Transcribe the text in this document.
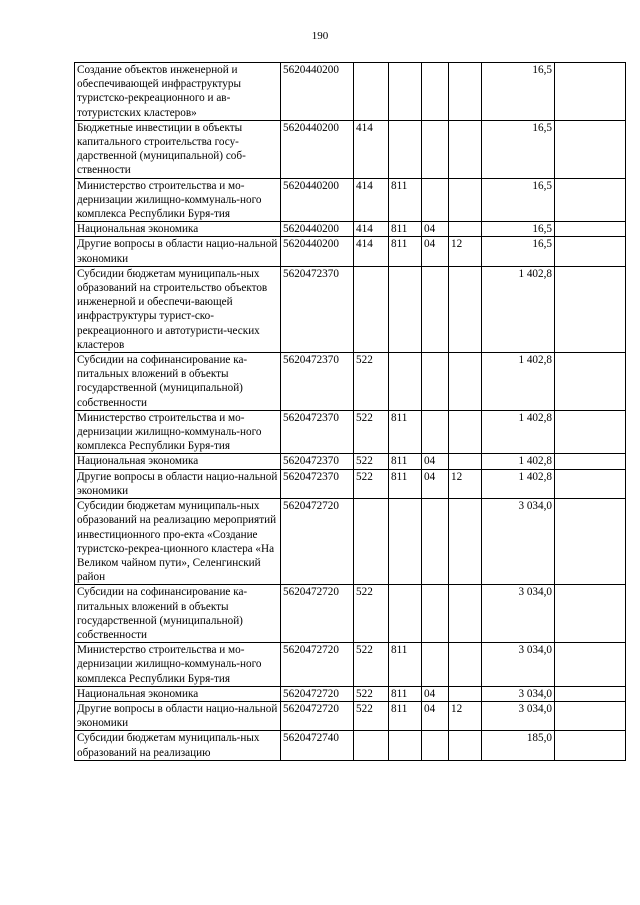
190
Создание объектов инженерной и обеспечивающей инфраструктуры туристско-рекреационного и ав-тотуристских кластеров»	5620440200					16,5	
Бюджетные инвестиции в объекты капитального строительства госу-дарственной (муниципальной) соб-ственности	5620440200	414				16,5	
Министерство строительства и мо-дернизации жилищно-коммуналь-ного комплекса Республики Буря-тия	5620440200	414	811			16,5	
Национальная экономика	5620440200	414	811	04		16,5	
Другие вопросы в области нацио-нальной экономики	5620440200	414	811	04	12	16,5	
Субсидии бюджетам муниципаль-ных образований на строительство объектов инженерной и обеспечи-вающей инфраструктуры турист-ско-рекреационного и автотуристи-ческих кластеров	5620472370					1 402,8	
Субсидии на софинансирование ка-питальных вложений в объекты государственной (муниципальной) собственности	5620472370	522				1 402,8	
Министерство строительства и мо-дернизации жилищно-коммуналь-ного комплекса Республики Буря-тия	5620472370	522	811			1 402,8	
Национальная экономика	5620472370	522	811	04		1 402,8	
Другие вопросы в области нацио-нальной экономики	5620472370	522	811	04	12	1 402,8	
Субсидии бюджетам муниципаль-ных образований на реализацию мероприятий инвестиционного про-екта «Создание туристско-рекреа-ционного кластера «На Великом чайном пути», Селенгинский район	5620472720					3 034,0	
Субсидии на софинансирование ка-питальных вложений в объекты государственной (муниципальной) собственности	5620472720	522				3 034,0	
Министерство строительства и мо-дернизации жилищно-коммуналь-ного комплекса Республики Буря-тия	5620472720	522	811			3 034,0	
Национальная экономика	5620472720	522	811	04		3 034,0	
Другие вопросы в области нацио-нальной экономики	5620472720	522	811	04	12	3 034,0	
Субсидии бюджетам муниципаль-ных образований на реализацию	5620472740					185,0	
